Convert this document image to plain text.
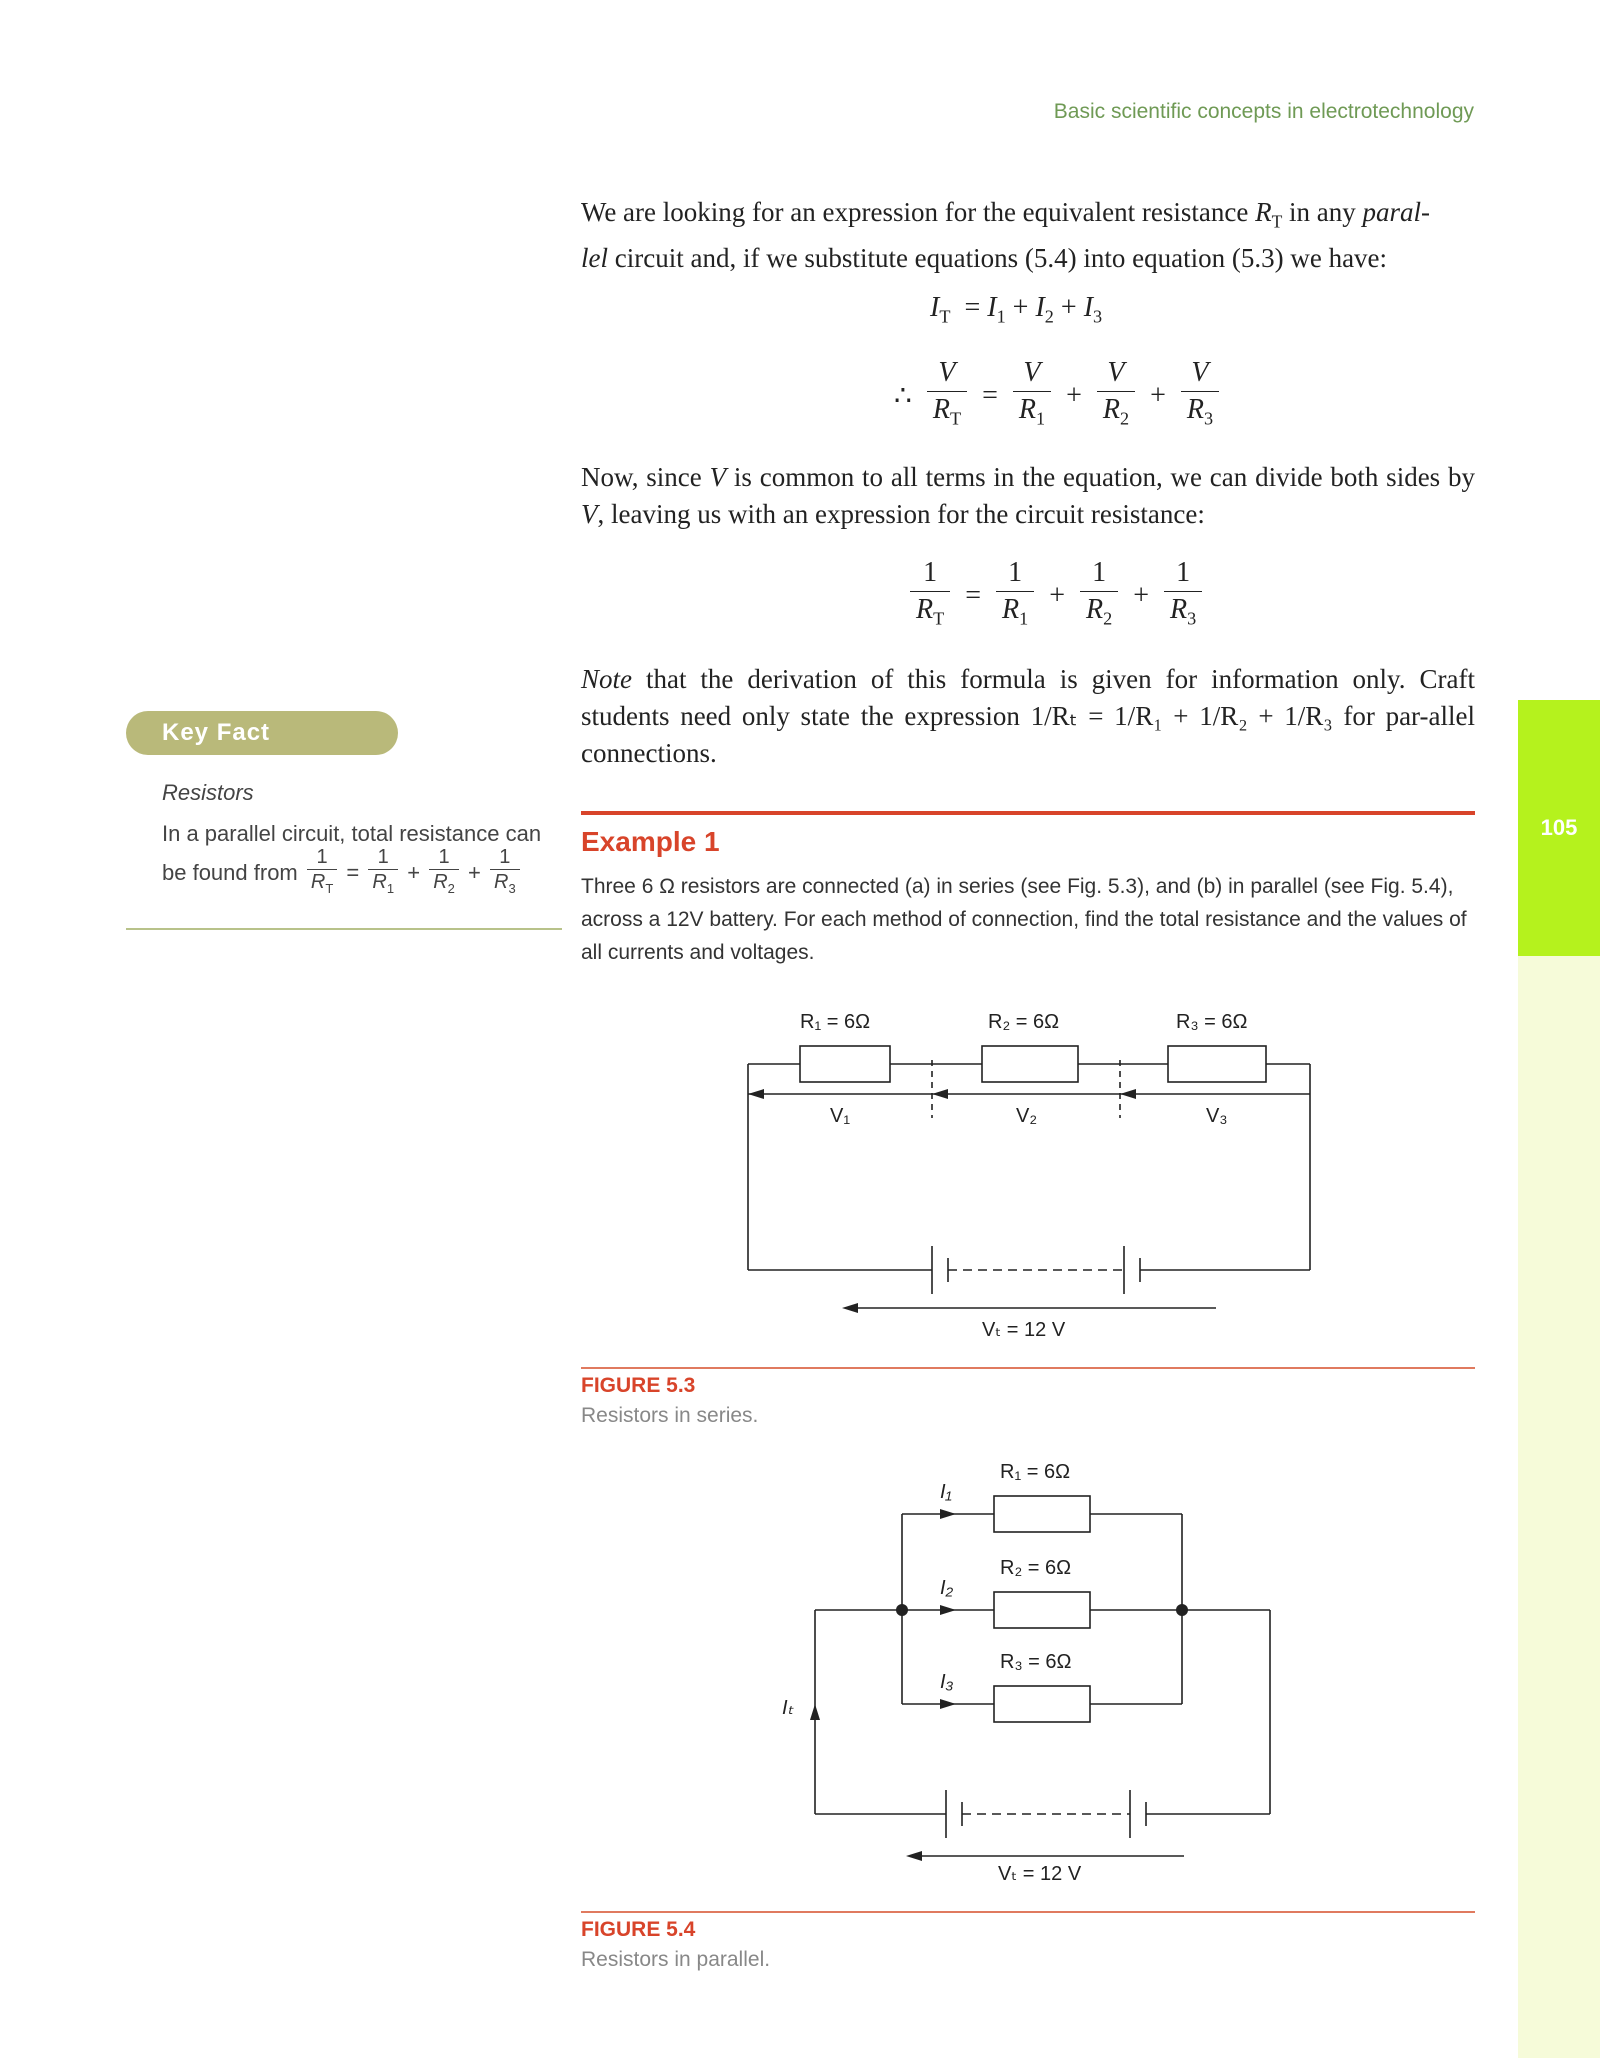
Basic scientific concepts in electrotechnology
105
We are looking for an expression for the equivalent resistance $R_T$ in any paral-
lel circuit and, if we substitute equations (5.4) into equation (5.3) we have:
$I_T = I_1 + I_2 + I_3$
∴ $\frac{V}{R_T} = \frac{V}{R_1} + \frac{V}{R_2} + \frac{V}{R_3}$
Now, since V is common to all terms in the equation, we can divide both sides by V, leaving us with an expression for the circuit resistance:
$\frac{1}{R_T} = \frac{1}{R_1} + \frac{1}{R_2} + \frac{1}{R_3}$
Note that the derivation of this formula is given for information only. Craft students need only state the expression 1/Rₜ = 1/R₁ + 1/R₂ + 1/R₃ for par-allel connections.
Key Fact
Resistors
In a parallel circuit, total resistance can
be found from $\frac{1}{R_T} = \frac{1}{R_1} + \frac{1}{R_2} + \frac{1}{R_3}$
Example 1
Three 6 Ω resistors are connected (a) in series (see Fig. 5.3), and (b) in parallel (see Fig. 5.4), across a 12V battery. For each method of connection, find the total resistance and the values of all currents and voltages.
R₁ = 6Ω	R₂ = 6Ω	R₃ = 6Ω
V₁	V₂	V₃
Vₜ = 12 V
FIGURE 5.3
Resistors in series.
R₁ = 6Ω
R₂ = 6Ω
R₃ = 6Ω
I₁
I₂
I₃
Iₜ
Vₜ = 12 V
FIGURE 5.4
Resistors in parallel.
